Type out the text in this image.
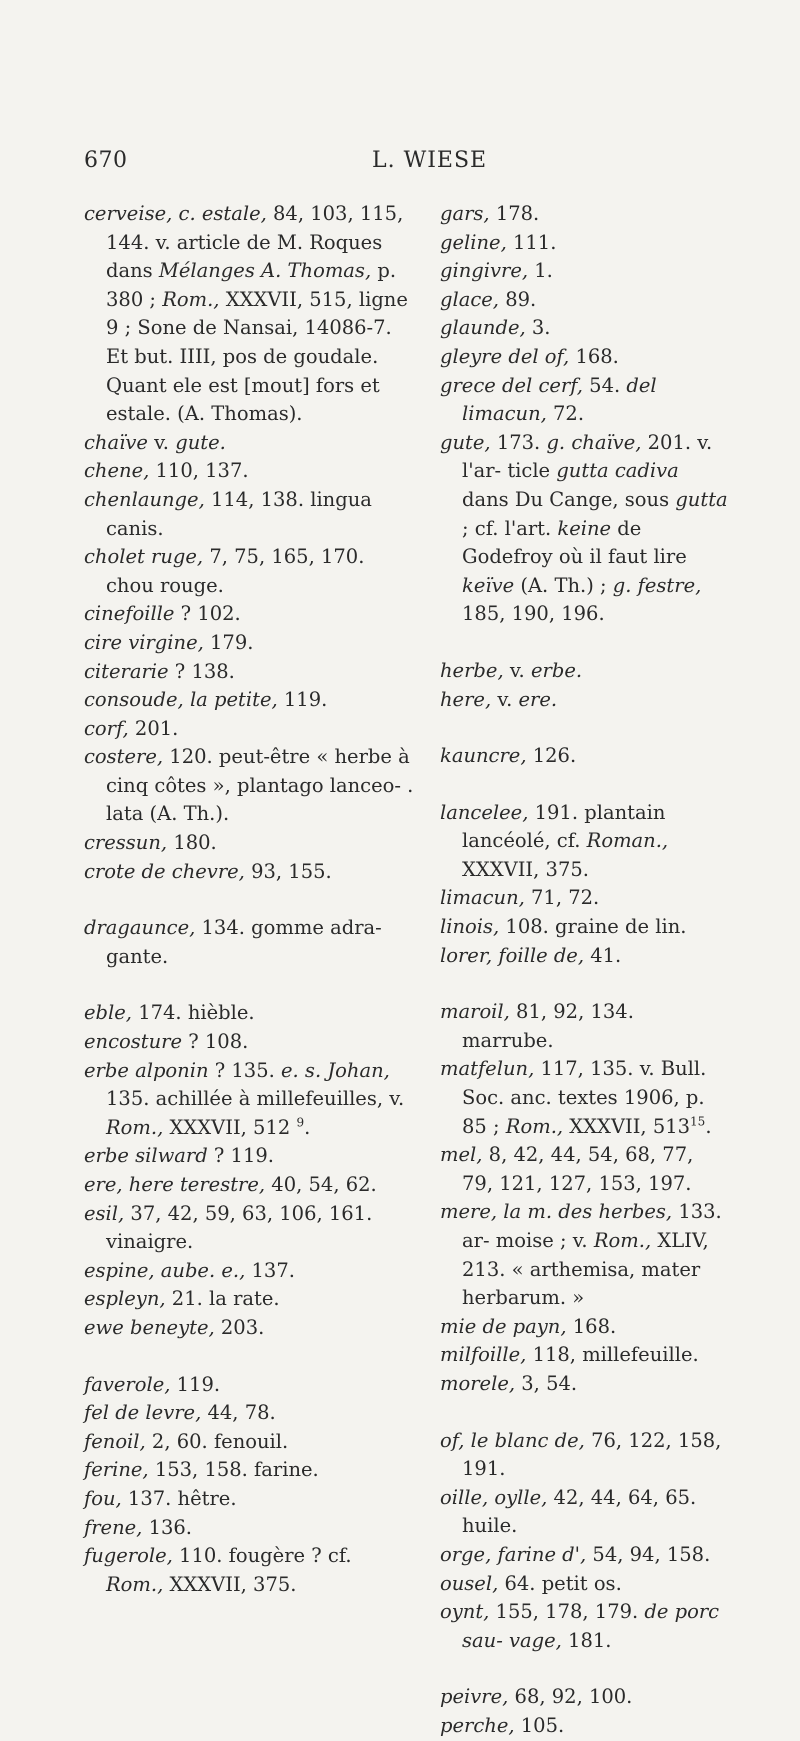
670	L. WIESE

cerveise, c. estale, 84, 103, 115, 144. v. article de M. Roques dans Mélanges A. Thomas, p. 380 ; Rom., XXXVII, 515, ligne 9 ; Sone de Nansai, 14086-7. Et but. IIII, pos de goudale. Quant ele est [mout] fors et estale. (A. Thomas).

chaïve v. gute.

chene, 110, 137.

chenlaunge, 114, 138. lingua canis.

cholet ruge, 7, 75, 165, 170. chou rouge.

cinefoille ? 102.

cire virgine, 179.

citerarie ? 138.

consoude, la petite, 119.

corf, 201.

costere, 120. peut-être « herbe à cinq côtes », plantago lanceo- . lata (A. Th.).

cressun, 180.

crote de chevre, 93, 155.

dragaunce, 134. gomme adra- gante.

eble, 174. hièble.

encosture ? 108.

erbe alponin ? 135. e. s. Johan, 135. achillée à millefeuilles, v. Rom., XXXVII, 512 $^9$.

erbe silward ? 119.

ere, here terestre, 40, 54, 62.

esil, 37, 42, 59, 63, 106, 161. vinaigre.

espine, aube. e., 137.

espleyn, 21. la rate.

ewe beneyte, 203.

faverole, 119.

fel de levre, 44, 78.

fenoil, 2, 60. fenouil.

ferine, 153, 158. farine.

fou, 137. hêtre.

frene, 136.

fugerole, 110. fougère ? cf. Rom., XXXVII, 375.

gars, 178.

geline, 111.

gingivre, 1.

glace, 89.

glaunde, 3.

gleyre del of, 168.

grece del cerf, 54. del limacun, 72.

gute, 173. g. chaïve, 201. v. l'ar- ticle gutta cadiva dans Du Cange, sous gutta ; cf. l'art. keine de Godefroy où il faut lire keïve (A. Th.) ; g. festre, 185, 190, 196.

herbe, v. erbe.

here, v. ere.

kauncre, 126.

lancelee, 191. plantain lancéolé, cf. Roman., XXXVII, 375.

limacun, 71, 72.

linois, 108. graine de lin.

lorer, foille de, 41.

maroil, 81, 92, 134. marrube.

matfelun, 117, 135. v. Bull. Soc. anc. textes 1906, p. 85 ; Rom., XXXVII, $513^{15}$.

mel, 8, 42, 44, 54, 68, 77, 79, 121, 127, 153, 197.

mere, la m. des herbes, 133. ar- moise ; v. Rom., XLIV, 213. « arthemisa, mater herbarum. »

mie de payn, 168.

milfoille, 118, millefeuille.

morele, 3, 54.

of, le blanc de, 76, 122, 158, 191.

oille, oylle, 42, 44, 64, 65. huile.

orge, farine d', 54, 94, 158.

ousel, 64. petit os.

oynt, 155, 178, 179. de porc sau- vage, 181.

peivre, 68, 92, 100.

perche, 105.
